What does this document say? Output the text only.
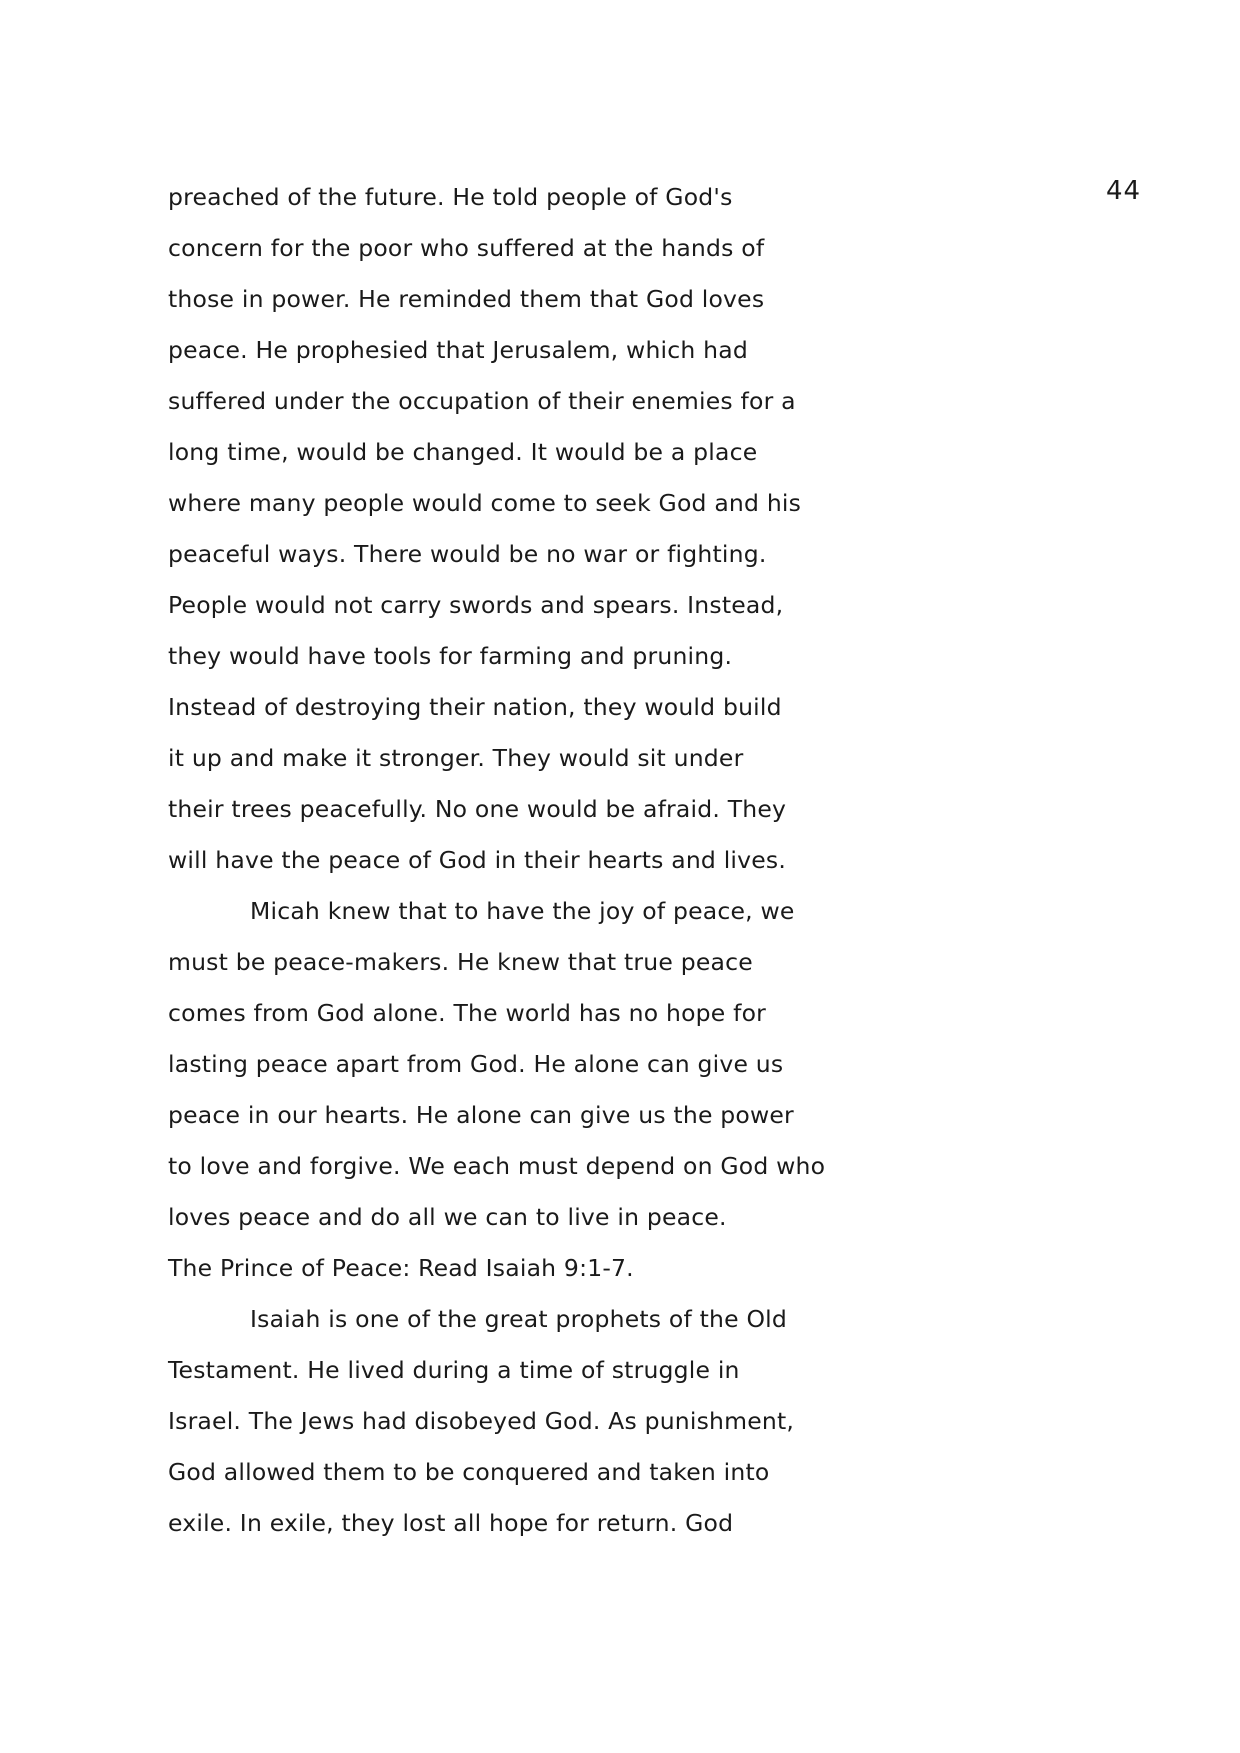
44
preached of the future. He told people of God's
concern for the poor who suffered at the hands of
those in power. He reminded them that God loves
peace. He prophesied that Jerusalem, which had
suffered under the occupation of their enemies for a
long time, would be changed. It would be a place
where many people would come to seek God and his
peaceful ways. There would be no war or fighting.
People would not carry swords and spears. Instead,
they would have tools for farming and pruning.
Instead of destroying their nation, they would build
it up and make it stronger. They would sit under
their trees peacefully. No one would be afraid. They
will have the peace of God in their hearts and lives.
Micah knew that to have the joy of peace, we
must be peace-makers. He knew that true peace
comes from God alone. The world has no hope for
lasting peace apart from God. He alone can give us
peace in our hearts. He alone can give us the power
to love and forgive. We each must depend on God who
loves peace and do all we can to live in peace.
The Prince of Peace: Read Isaiah 9:1-7.
Isaiah is one of the great prophets of the Old
Testament. He lived during a time of struggle in
Israel. The Jews had disobeyed God. As punishment,
God allowed them to be conquered and taken into
exile. In exile, they lost all hope for return. God
